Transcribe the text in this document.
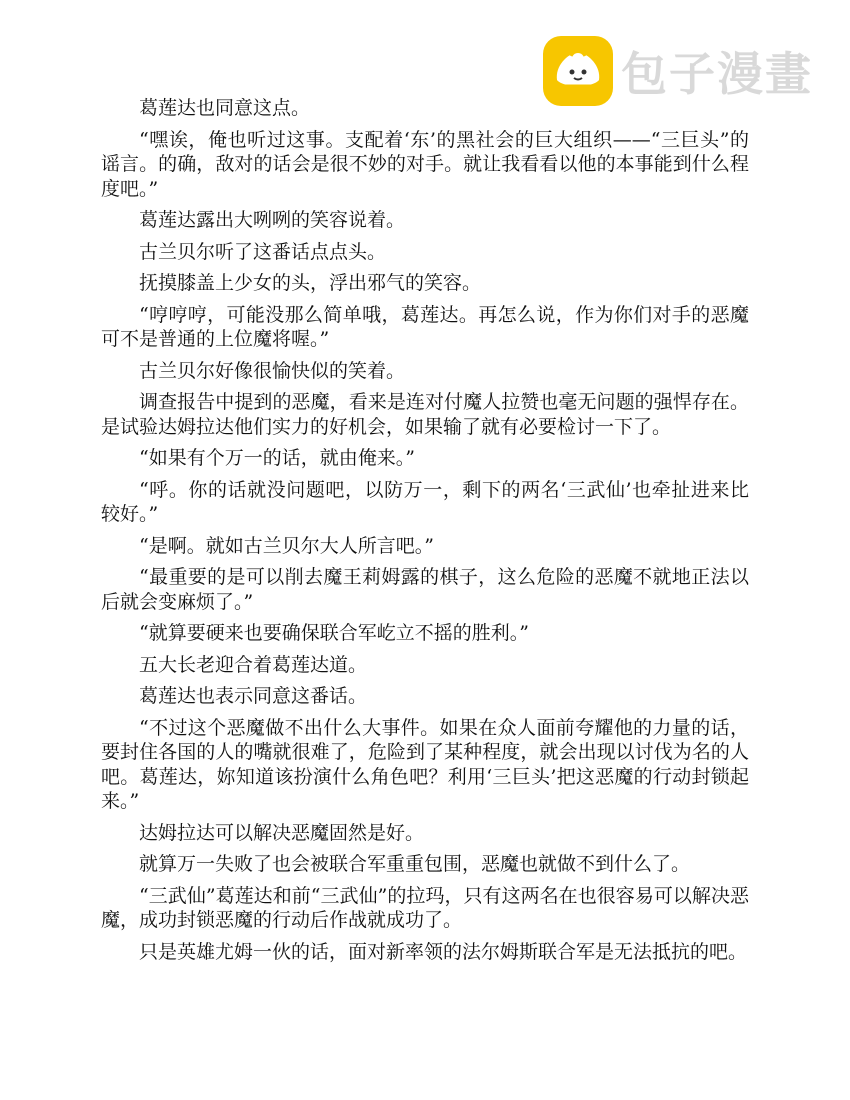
包子漫畫

葛莲达也同意这点。

“嘿诶，俺也听过这事。支配着‘东’的黑社会的巨大组织——“三巨头”的谣言。的确，敌对的话会是很不妙的对手。就让我看看以他的本事能到什么程度吧。”

葛莲达露出大咧咧的笑容说着。

古兰贝尔听了这番话点点头。

抚摸膝盖上少女的头，浮出邪气的笑容。

“哼哼哼，可能没那么简单哦，葛莲达。再怎么说，作为你们对手的恶魔可不是普通的上位魔将喔。”

古兰贝尔好像很愉快似的笑着。

调查报告中提到的恶魔，看来是连对付魔人拉赞也毫无问题的强悍存在。是试验达姆拉达他们实力的好机会，如果输了就有必要检讨一下了。

“如果有个万一的话，就由俺来。”

“呼。你的话就没问题吧，以防万一，剩下的两名‘三武仙’也牵扯进来比较好。”

“是啊。就如古兰贝尔大人所言吧。”

“最重要的是可以削去魔王莉姆露的棋子，这么危险的恶魔不就地正法以后就会变麻烦了。”

“就算要硬来也要确保联合军屹立不摇的胜利。”

五大长老迎合着葛莲达道。

葛莲达也表示同意这番话。

“不过这个恶魔做不出什么大事件。如果在众人面前夸耀他的力量的话，要封住各国的人的嘴就很难了，危险到了某种程度，就会出现以讨伐为名的人吧。葛莲达，妳知道该扮演什么角色吧？利用‘三巨头’把这恶魔的行动封锁起来。”

达姆拉达可以解决恶魔固然是好。

就算万一失败了也会被联合军重重包围，恶魔也就做不到什么了。

“三武仙”葛莲达和前“三武仙”的拉玛，只有这两名在也很容易可以解决恶魔，成功封锁恶魔的行动后作战就成功了。

只是英雄尤姆一伙的话，面对新率领的法尔姆斯联合军是无法抵抗的吧。
